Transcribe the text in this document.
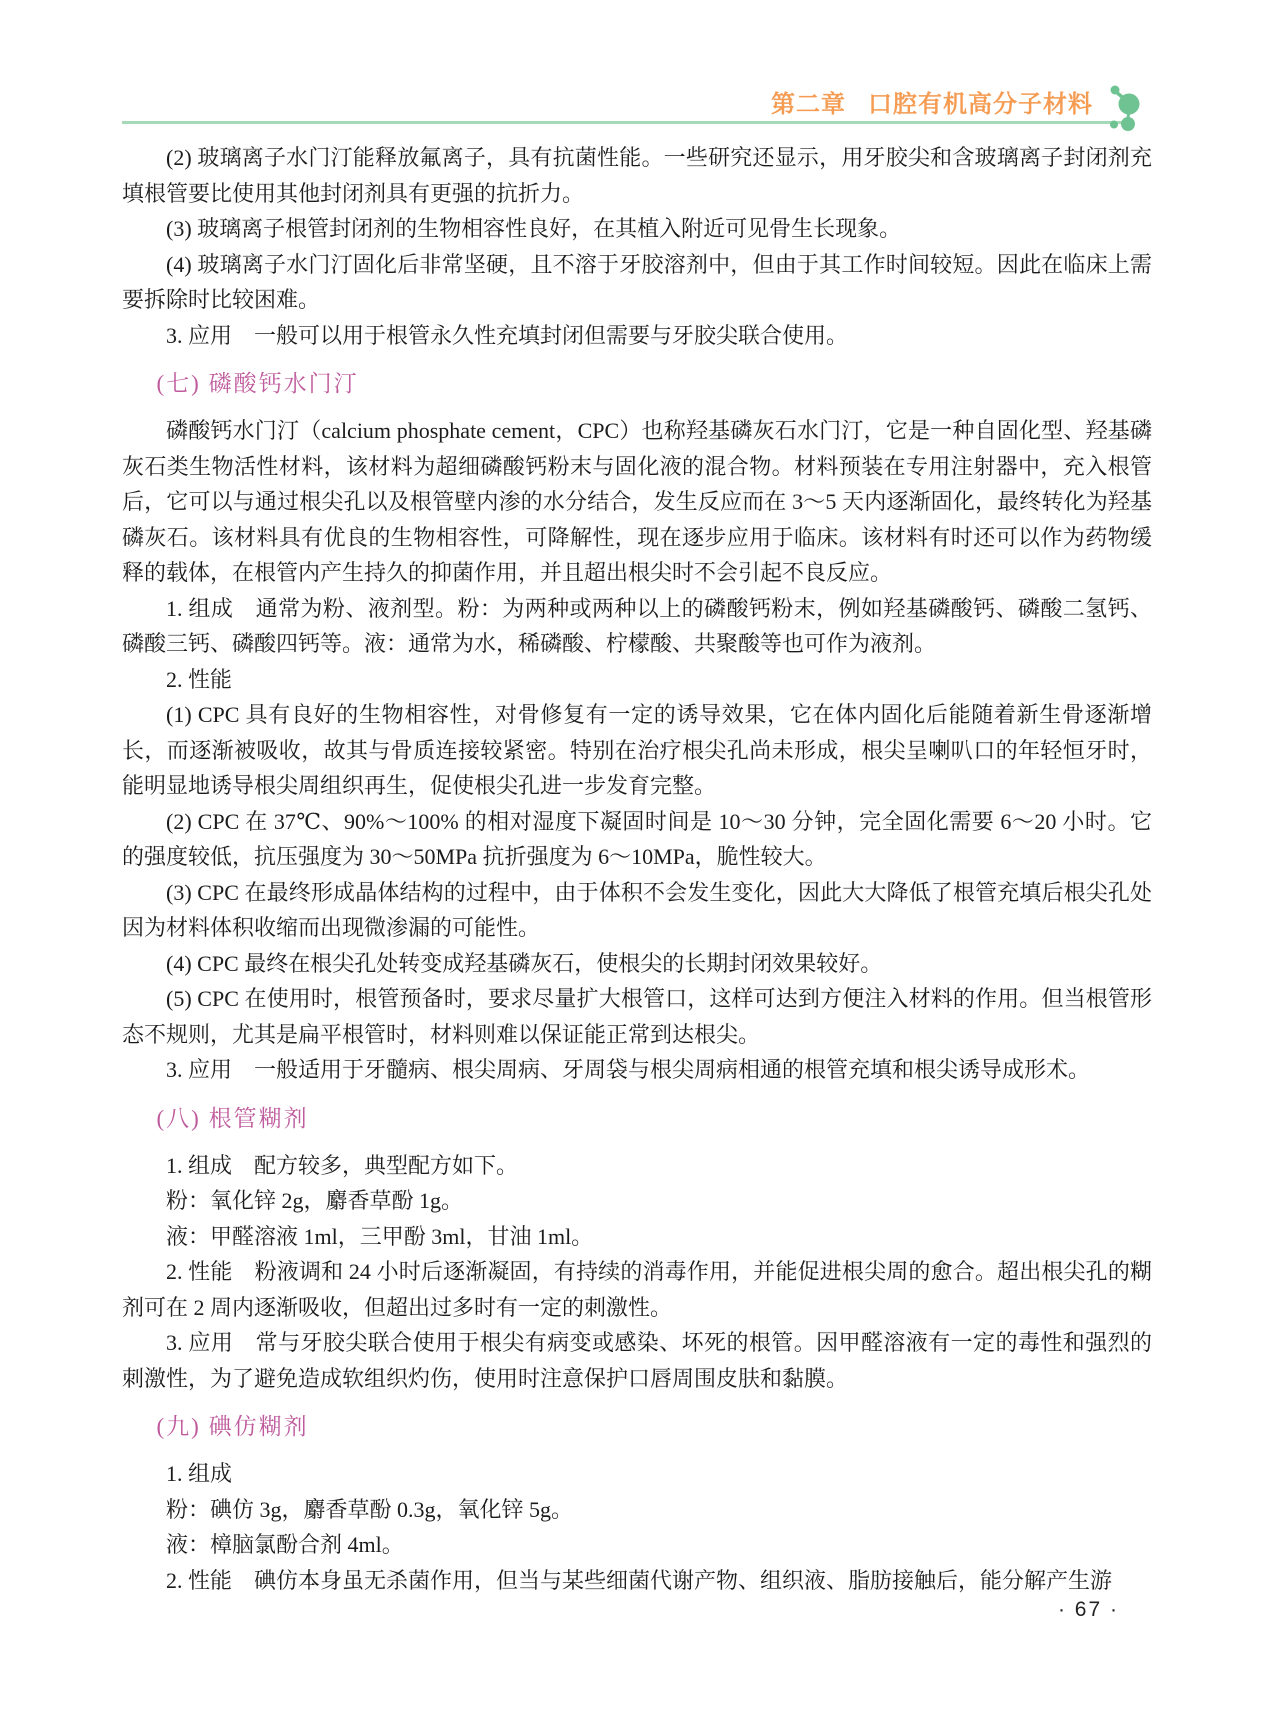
第二章 口腔有机高分子材料
(2) 玻璃离子水门汀能释放氟离子，具有抗菌性能。一些研究还显示，用牙胶尖和含玻璃离子封闭剂充填根管要比使用其他封闭剂具有更强的抗折力。
(3) 玻璃离子根管封闭剂的生物相容性良好，在其植入附近可见骨生长现象。
(4) 玻璃离子水门汀固化后非常坚硬，且不溶于牙胶溶剂中，但由于其工作时间较短。因此在临床上需要拆除时比较困难。
3. 应用　一般可以用于根管永久性充填封闭但需要与牙胶尖联合使用。
(七) 磷酸钙水门汀
磷酸钙水门汀（calcium phosphate cement，CPC）也称羟基磷灰石水门汀，它是一种自固化型、羟基磷灰石类生物活性材料，该材料为超细磷酸钙粉末与固化液的混合物。材料预装在专用注射器中，充入根管后，它可以与通过根尖孔以及根管壁内渗的水分结合，发生反应而在 3～5 天内逐渐固化，最终转化为羟基磷灰石。该材料具有优良的生物相容性，可降解性，现在逐步应用于临床。该材料有时还可以作为药物缓释的载体，在根管内产生持久的抑菌作用，并且超出根尖时不会引起不良反应。
1. 组成　通常为粉、液剂型。粉：为两种或两种以上的磷酸钙粉末，例如羟基磷酸钙、磷酸二氢钙、磷酸三钙、磷酸四钙等。液：通常为水，稀磷酸、柠檬酸、共聚酸等也可作为液剂。
2. 性能
(1) CPC 具有良好的生物相容性，对骨修复有一定的诱导效果，它在体内固化后能随着新生骨逐渐增长，而逐渐被吸收，故其与骨质连接较紧密。特别在治疗根尖孔尚未形成，根尖呈喇叭口的年轻恒牙时，能明显地诱导根尖周组织再生，促使根尖孔进一步发育完整。
(2) CPC 在 37℃、90%～100% 的相对湿度下凝固时间是 10～30 分钟，完全固化需要 6～20 小时。它的强度较低，抗压强度为 30～50MPa 抗折强度为 6～10MPa，脆性较大。
(3) CPC 在最终形成晶体结构的过程中，由于体积不会发生变化，因此大大降低了根管充填后根尖孔处因为材料体积收缩而出现微渗漏的可能性。
(4) CPC 最终在根尖孔处转变成羟基磷灰石，使根尖的长期封闭效果较好。
(5) CPC 在使用时，根管预备时，要求尽量扩大根管口，这样可达到方便注入材料的作用。但当根管形态不规则，尤其是扁平根管时，材料则难以保证能正常到达根尖。
3. 应用　一般适用于牙髓病、根尖周病、牙周袋与根尖周病相通的根管充填和根尖诱导成形术。
(八) 根管糊剂
1. 组成　配方较多，典型配方如下。
粉：氧化锌 2g，麝香草酚 1g。
液：甲醛溶液 1ml，三甲酚 3ml，甘油 1ml。
2. 性能　粉液调和 24 小时后逐渐凝固，有持续的消毒作用，并能促进根尖周的愈合。超出根尖孔的糊剂可在 2 周内逐渐吸收，但超出过多时有一定的刺激性。
3. 应用　常与牙胶尖联合使用于根尖有病变或感染、坏死的根管。因甲醛溶液有一定的毒性和强烈的刺激性，为了避免造成软组织灼伤，使用时注意保护口唇周围皮肤和黏膜。
(九) 碘仿糊剂
1. 组成
粉：碘仿 3g，麝香草酚 0.3g，氧化锌 5g。
液：樟脑氯酚合剂 4ml。
2. 性能　碘仿本身虽无杀菌作用，但当与某些细菌代谢产物、组织液、脂肪接触后，能分解产生游
· 67 ·
